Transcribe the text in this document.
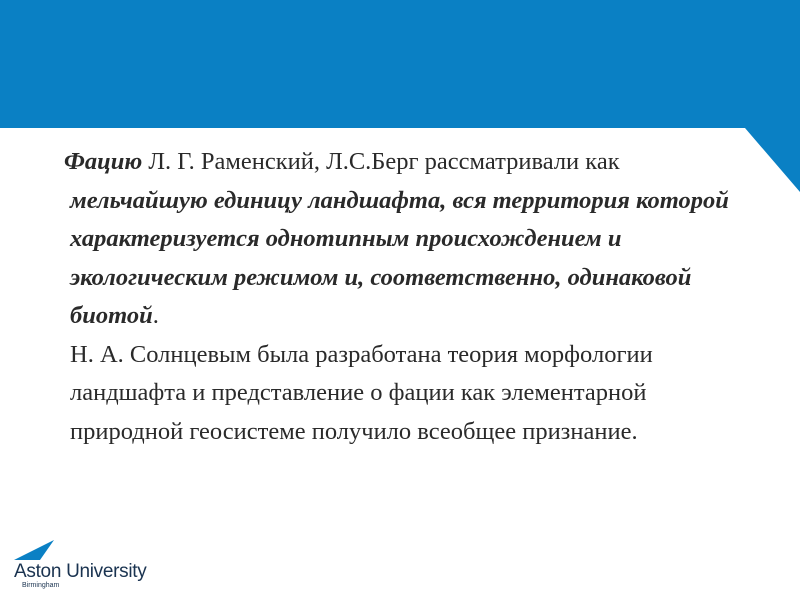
Фацию Л. Г. Раменский, Л.С.Берг рассматривали как мельчайшую единицу ландшафта, вся территория которой характеризуется однотипным происхождением и экологическим режимом и, соответственно, одинаковой биотой.

Н. А. Солнцевым была разработана теория морфологии ландшафта и представление о фации как элементарной природной геосистеме получило всеобщее признание.

Aston University
Birmingham
